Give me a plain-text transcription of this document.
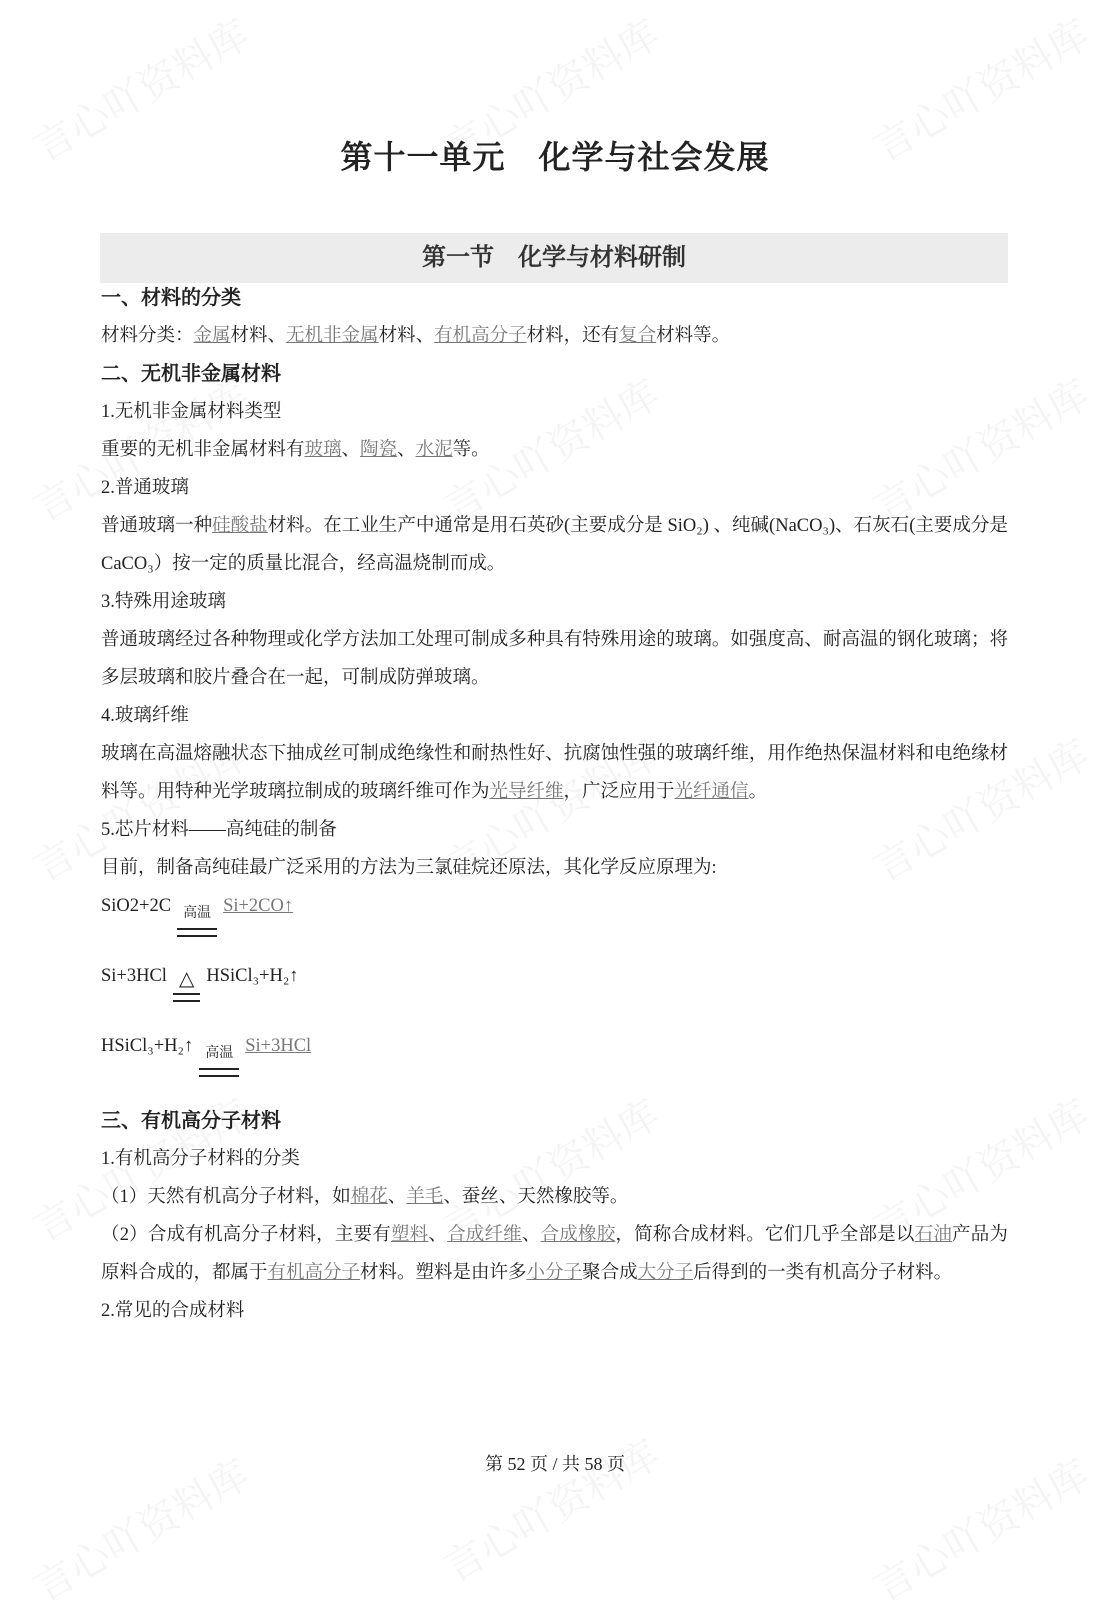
第十一单元　化学与社会发展
第一节　化学与材料研制
一、材料的分类
材料分类：金属材料、无机非金属材料、有机高分子材料，还有复合材料等。
二、无机非金属材料
1.无机非金属材料类型
重要的无机非金属材料有玻璃、陶瓷、水泥等。
2.普通玻璃
普通玻璃一种硅酸盐材料。在工业生产中通常是用石英砂(主要成分是 SiO₂) 、纯碱(NaCO₃)、石灰石(主要成分是 CaCO₃）按一定的质量比混合，经高温烧制而成。
3.特殊用途玻璃
普通玻璃经过各种物理或化学方法加工处理可制成多种具有特殊用途的玻璃。如强度高、耐高温的钢化玻璃；将多层玻璃和胶片叠合在一起，可制成防弹玻璃。
4.玻璃纤维
玻璃在高温熔融状态下抽成丝可制成绝缘性和耐热性好、抗腐蚀性强的玻璃纤维，用作绝热保温材料和电绝缘材料等。用特种光学玻璃拉制成的玻璃纤维可作为光导纤维，广泛应用于光纤通信。
5.芯片材料——高纯硅的制备
目前，制备高纯硅最广泛采用的方法为三氯硅烷还原法，其化学反应原理为:
SiO2+2C 高温 Si+2CO↑
Si+3HCl △ HSiCl₃+H₂↑
HSiCl₃+H₂↑ 高温 Si+3HCl
三、有机高分子材料
1.有机高分子材料的分类
（1）天然有机高分子材料，如棉花、羊毛、蚕丝、天然橡胶等。
（2）合成有机高分子材料，主要有塑料、合成纤维、合成橡胶，简称合成材料。它们几乎全部是以石油产品为原料合成的，都属于有机高分子材料。塑料是由许多小分子聚合成大分子后得到的一类有机高分子材料。
2.常见的合成材料
第 52 页 / 共 58 页
